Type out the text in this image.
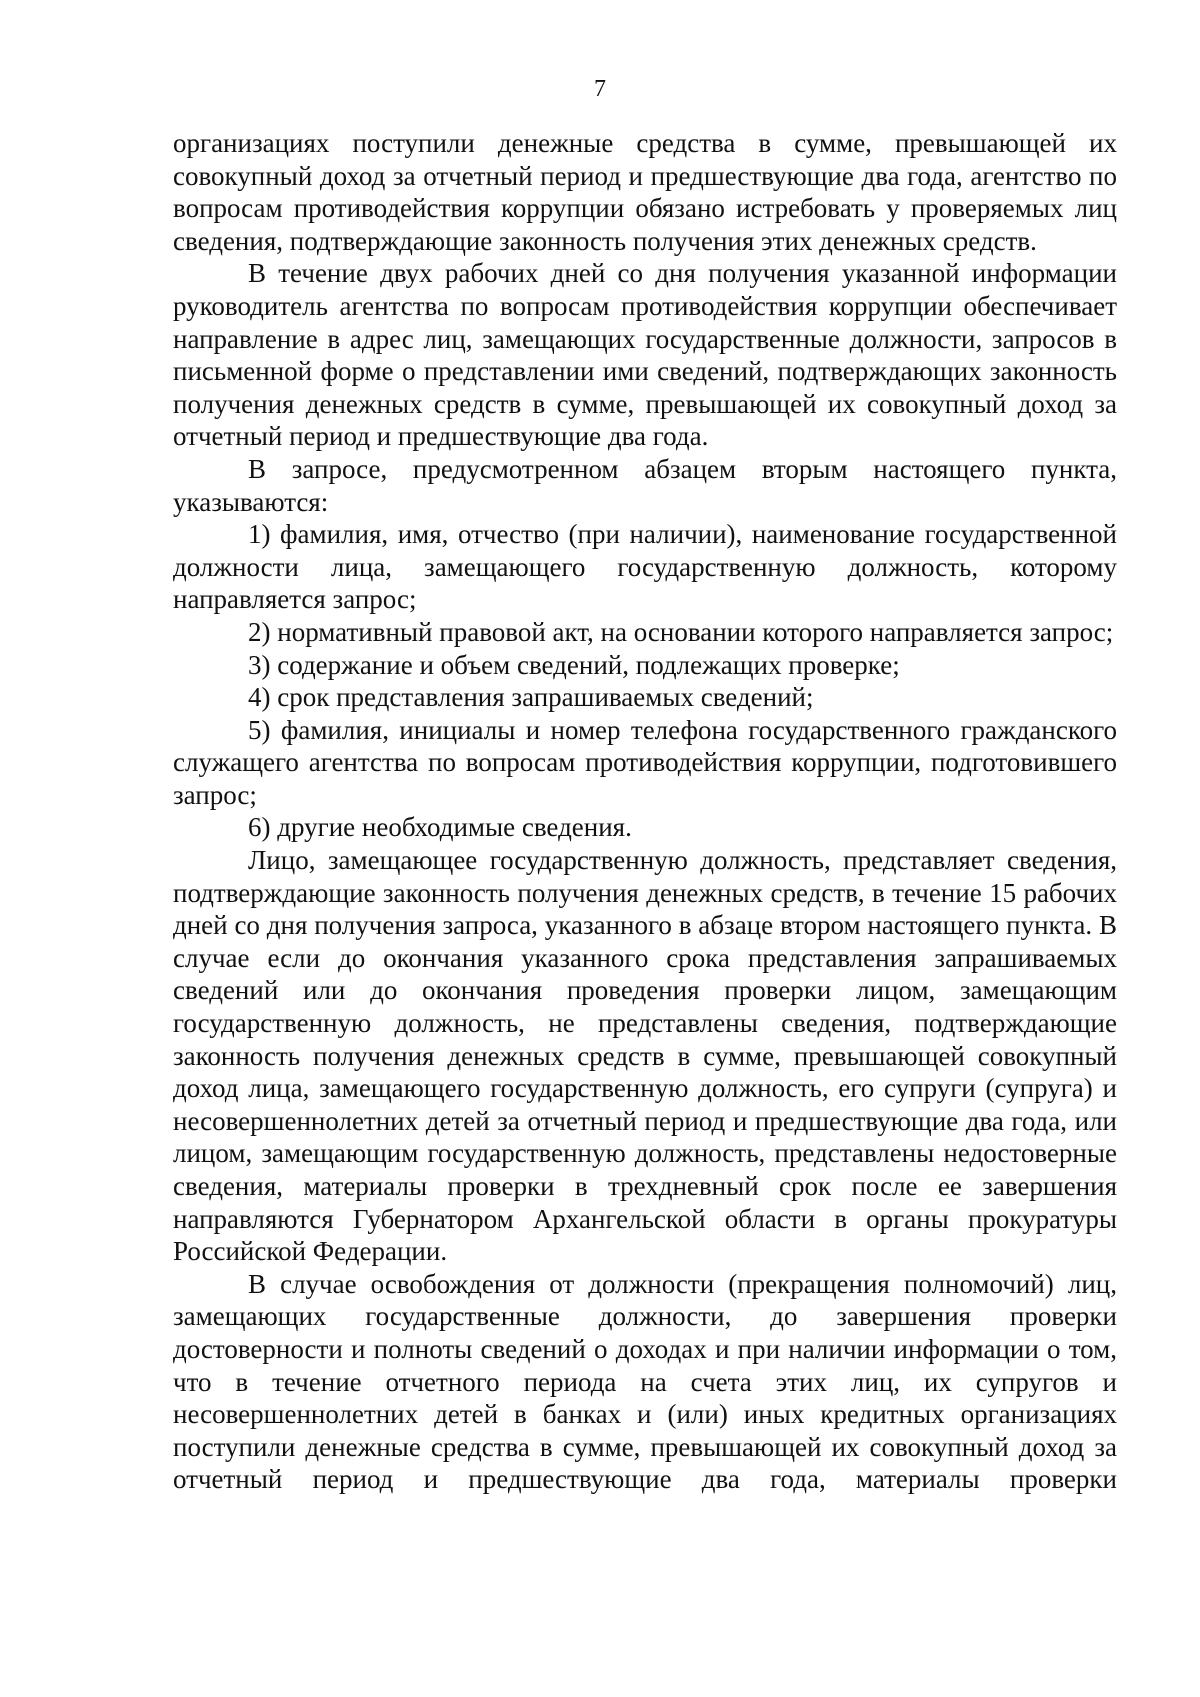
7

организациях поступили денежные средства в сумме, превышающей их совокупный доход за отчетный период и предшествующие два года, агентство по вопросам противодействия коррупции обязано истребовать у проверяемых лиц сведения, подтверждающие законность получения этих денежных средств.

В течение двух рабочих дней со дня получения указанной информации руководитель агентства по вопросам противодействия коррупции обеспечивает направление в адрес лиц, замещающих государственные должности, запросов в письменной форме о представлении ими сведений, подтверждающих законность получения денежных средств в сумме, превышающей их совокупный доход за отчетный период и предшествующие два года.

В запросе, предусмотренном абзацем вторым настоящего пункта, указываются:

1) фамилия, имя, отчество (при наличии), наименование государственной должности лица, замещающего государственную должность, которому направляется запрос;

2) нормативный правовой акт, на основании которого направляется запрос;

3) содержание и объем сведений, подлежащих проверке;

4) срок представления запрашиваемых сведений;

5) фамилия, инициалы и номер телефона государственного гражданского служащего агентства по вопросам противодействия коррупции, подготовившего запрос;

6) другие необходимые сведения.

Лицо, замещающее государственную должность, представляет сведения, подтверждающие законность получения денежных средств, в течение 15 рабочих дней со дня получения запроса, указанного в абзаце втором настоящего пункта. В случае если до окончания указанного срока представления запрашиваемых сведений или до окончания проведения проверки лицом, замещающим государственную должность, не представлены сведения, подтверждающие законность получения денежных средств в сумме, превышающей совокупный доход лица, замещающего государственную должность, его супруги (супруга) и несовершеннолетних детей за отчетный период и предшествующие два года, или лицом, замещающим государственную должность, представлены недостоверные сведения, материалы проверки в трехдневный срок после ее завершения направляются Губернатором Архангельской области в органы прокуратуры Российской Федерации.

В случае освобождения от должности (прекращения полномочий) лиц, замещающих государственные должности, до завершения проверки достоверности и полноты сведений о доходах и при наличии информации о том, что в течение отчетного периода на счета этих лиц, их супругов и несовершеннолетних детей в банках и (или) иных кредитных организациях поступили денежные средства в сумме, превышающей их совокупный доход за отчетный период и предшествующие два года, материалы проверки
